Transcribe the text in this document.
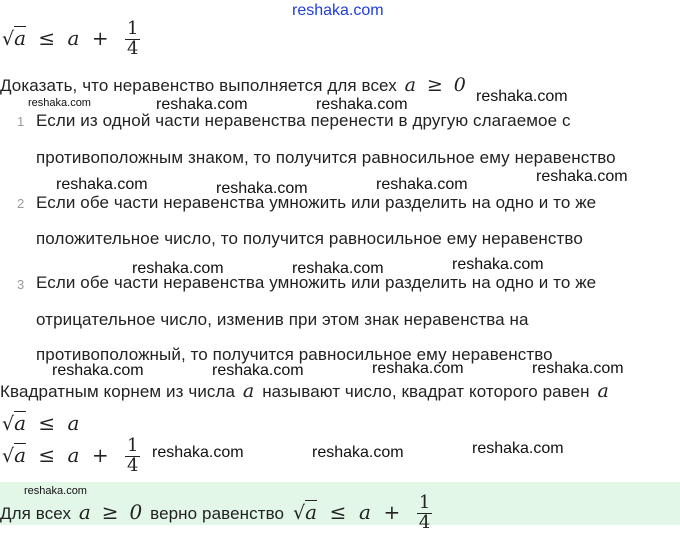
reshaka.com
$√a \le a + \frac{1}{4}$
Доказать, что неравенство выполняется для всех a ≥ 0
reshaka.com	reshaka.com	reshaka.com	reshaka.com
1 Если из одной части неравенства перенести в другую слагаемое с
противоположным знаком, то получится равносильное ему неравенство
reshaka.com	reshaka.com	reshaka.com	reshaka.com
2 Если обе части неравенства умножить или разделить на одно и то же
положительное число, то получится равносильное ему неравенство
reshaka.com	reshaka.com	reshaka.com
3 Если обе части неравенства умножить или разделить на одно и то же
отрицательное число, изменив при этом знак неравенства на
противоположный, то получится равносильное ему неравенство
reshaka.com	reshaka.com	reshaka.com	reshaka.com
Квадратным корнем из числа a называют число, квадрат которого равен a
√a ≤ a
$√a \le a + \frac{1}{4}$ reshaka.com	reshaka.com	reshaka.com
reshaka.com
Для всех a ≥ 0 верно равенство $√a \le a + \frac{1}{4}$
